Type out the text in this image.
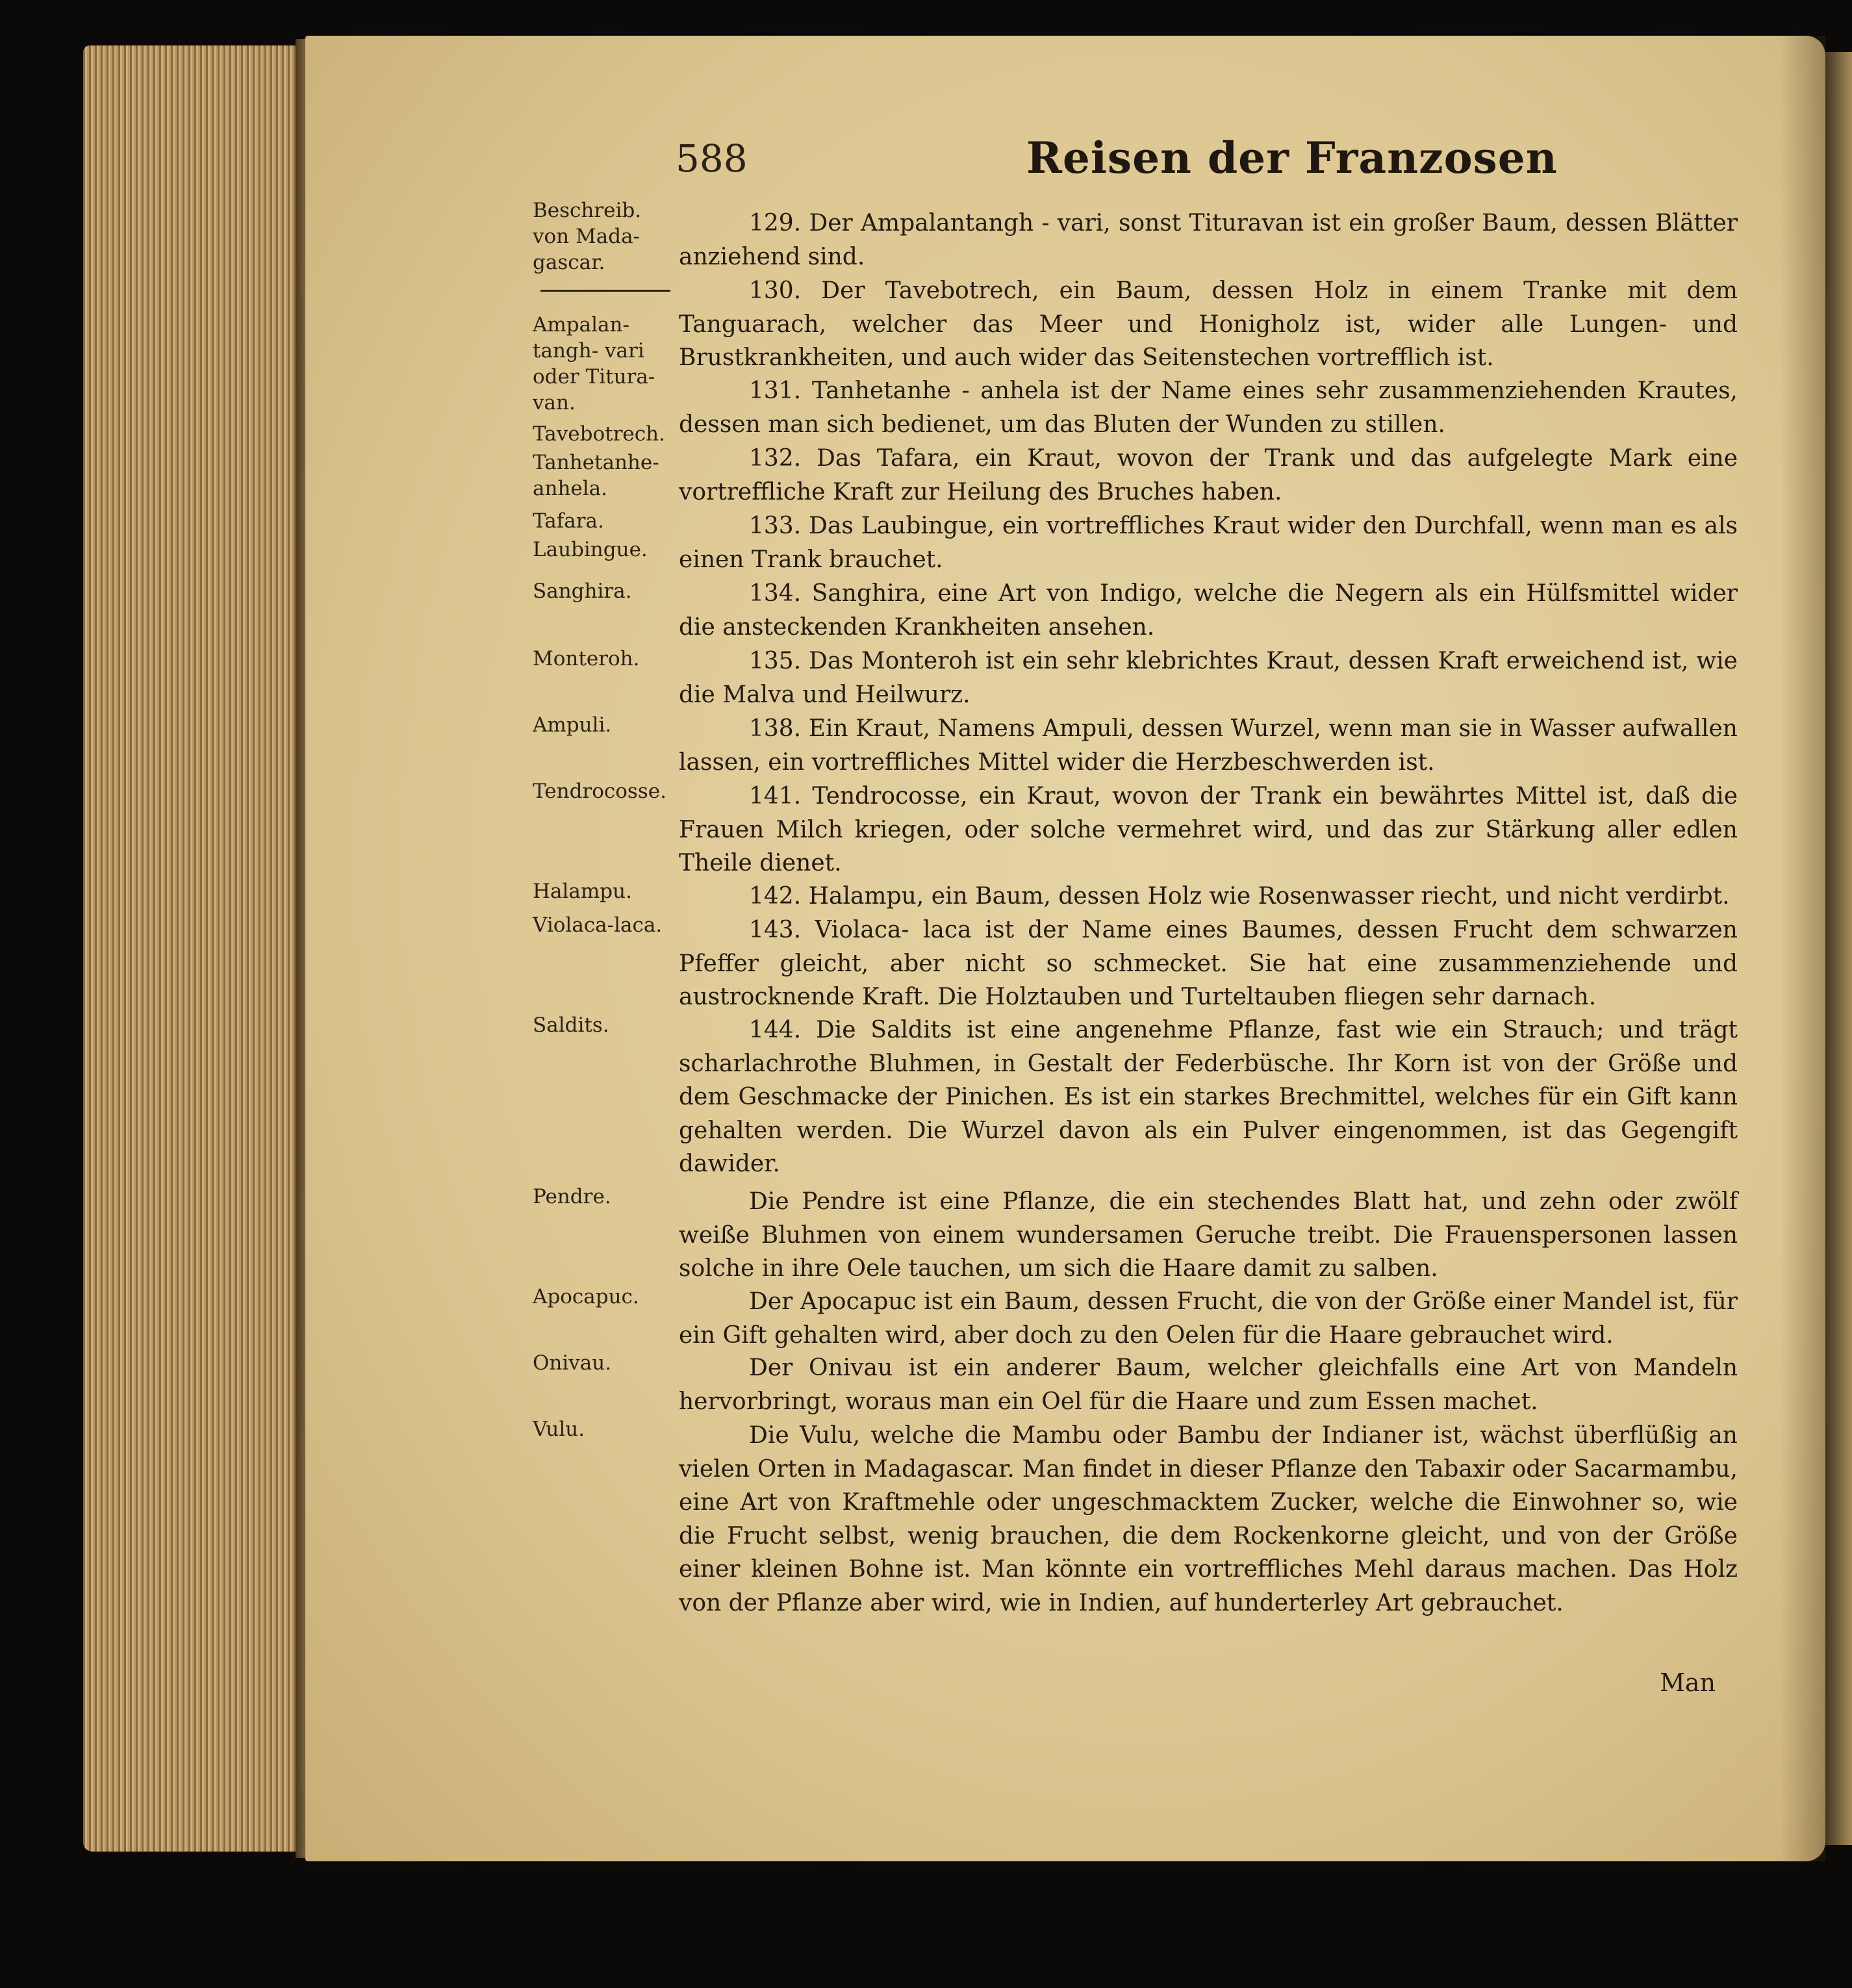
588	Reisen der Franzosen
Beschreib.
von Mada-
gascar.
Ampalan-
tangh- vari
oder Titura-
van.
Tavebotrech.
Tanhetanhe-
anhela.
Tafara.
Laubingue.
Sanghira.
Monteroh.
Ampuli.
Tendrocosse.
Halampu.
Violaca-laca.
Saldits.
Pendre.
Apocapuc.
Onivau.
Vulu.

129. Der Ampalantangh - vari, sonst Tituravan ist ein großer Baum, dessen Blätter anziehend sind.

130. Der Tavebotrech, ein Baum, dessen Holz in einem Tranke mit dem Tanguarach, welcher das Meer und Honigholz ist, wider alle Lungen- und Brustkrankheiten, und auch wider das Seitenstechen vortrefflich ist.

131. Tanhetanhe - anhela ist der Name eines sehr zusammenziehenden Krautes, dessen man sich bedienet, um das Bluten der Wunden zu stillen.

132. Das Tafara, ein Kraut, wovon der Trank und das aufgelegte Mark eine vortreffliche Kraft zur Heilung des Bruches haben.

133. Das Laubingue, ein vortreffliches Kraut wider den Durchfall, wenn man es als einen Trank brauchet.

134. Sanghira, eine Art von Indigo, welche die Negern als ein Hülfsmittel wider die ansteckenden Krankheiten ansehen.

135. Das Monteroh ist ein sehr klebrichtes Kraut, dessen Kraft erweichend ist, wie die Malva und Heilwurz.

138. Ein Kraut, Namens Ampuli, dessen Wurzel, wenn man sie in Wasser aufwallen lassen, ein vortreffliches Mittel wider die Herzbeschwerden ist.

141. Tendrocosse, ein Kraut, wovon der Trank ein bewährtes Mittel ist, daß die Frauen Milch kriegen, oder solche vermehret wird, und das zur Stärkung aller edlen Theile dienet.

142. Halampu, ein Baum, dessen Holz wie Rosenwasser riecht, und nicht verdirbt.

143. Violaca- laca ist der Name eines Baumes, dessen Frucht dem schwarzen Pfeffer gleicht, aber nicht so schmecket. Sie hat eine zusammenziehende und austrocknende Kraft. Die Holztauben und Turteltauben fliegen sehr darnach.

144. Die Saldits ist eine angenehme Pflanze, fast wie ein Strauch; und trägt scharlachrothe Bluhmen, in Gestalt der Federbüsche. Ihr Korn ist von der Größe und dem Geschmacke der Pinichen. Es ist ein starkes Brechmittel, welches für ein Gift kann gehalten werden. Die Wurzel davon als ein Pulver eingenommen, ist das Gegengift dawider.

Die Pendre ist eine Pflanze, die ein stechendes Blatt hat, und zehn oder zwölf weiße Bluhmen von einem wundersamen Geruche treibt. Die Frauenspersonen lassen solche in ihre Oele tauchen, um sich die Haare damit zu salben.

Der Apocapuc ist ein Baum, dessen Frucht, die von der Größe einer Mandel ist, für ein Gift gehalten wird, aber doch zu den Oelen für die Haare gebrauchet wird.

Der Onivau ist ein anderer Baum, welcher gleichfalls eine Art von Mandeln hervorbringt, woraus man ein Oel für die Haare und zum Essen machet.

Die Vulu, welche die Mambu oder Bambu der Indianer ist, wächst überflüßig an vielen Orten in Madagascar. Man findet in dieser Pflanze den Tabaxir oder Sacarmambu, eine Art von Kraftmehle oder ungeschmacktem Zucker, welche die Einwohner so, wie die Frucht selbst, wenig brauchen, die dem Rockenkorne gleicht, und von der Größe einer kleinen Bohne ist. Man könnte ein vortreffliches Mehl daraus machen. Das Holz von der Pflanze aber wird, wie in Indien, auf hunderterley Art gebrauchet.

Man
